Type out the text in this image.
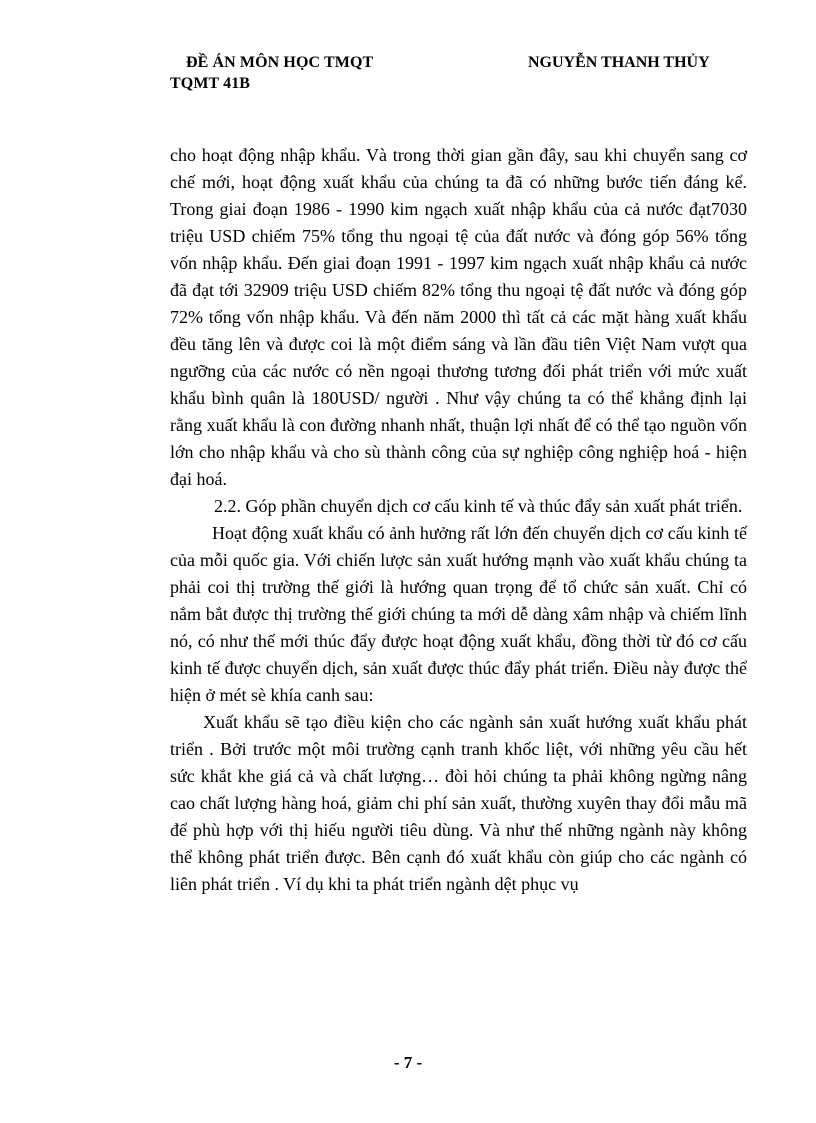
ĐỀ ÁN MÔN HỌC TMQT
TQMT 41B
NGUYỄN THANH THỦY

cho hoạt động nhập khẩu. Và trong thời gian gần đây, sau khi chuyển sang cơ chế mới, hoạt động xuất khẩu của chúng ta đã có những bước tiến đáng kể. Trong giai đoạn 1986 - 1990 kim ngạch xuất nhập khẩu của cả nước đạt7030 triệu USD chiếm 75% tổng thu ngoại tệ của đất nước và đóng góp 56% tổng vốn nhập khẩu. Đến giai đoạn 1991 - 1997 kim ngạch xuất nhập khẩu cả nước đã đạt tới 32909 triệu USD chiếm 82% tổng thu ngoại tệ đất nước và đóng góp 72% tổng vốn nhập khẩu. Và đến năm 2000 thì tất cả các mặt hàng xuất khẩu đều tăng lên và được coi là một điểm sáng và lần đầu tiên Việt Nam vượt qua ngưỡng của các nước có nền ngoại thương tương đối phát triển với mức xuất khẩu bình quân là 180USD/ người . Như vậy chúng ta có thể khẳng định lại rằng xuất khẩu là con đường nhanh nhất, thuận lợi nhất để có thể tạo nguồn vốn lớn cho nhập khẩu và cho sù thành công của sự nghiệp công nghiệp hoá - hiện đại hoá.

2.2. Góp phần chuyển dịch cơ cấu kinh tế và thúc đẩy sản xuất phát triển.

Hoạt động xuất khẩu có ảnh hưởng rất lớn đến chuyển dịch cơ cấu kinh tế của mỗi quốc gia. Với chiến lược sản xuất hướng mạnh vào xuất khẩu chúng ta phải coi thị trường thế giới là hướng quan trọng để tổ chức sản xuất. Chỉ có nắm bắt được thị trường thế giới chúng ta mới dễ dàng xâm nhập và chiếm lĩnh nó, có như thế mới thúc đẩy được hoạt động xuất khẩu, đồng thời từ đó cơ cấu kinh tế được chuyển dịch, sản xuất được thúc đẩy phát triển. Điều này được thể hiện ở mét sè khía canh sau:

Xuất khẩu sẽ tạo điều kiện cho các ngành sản xuất hướng xuất khẩu phát triển . Bởi trước một môi trường cạnh tranh khốc liệt, với những yêu cầu hết sức khắt khe giá cả và chất lượng… đòi hỏi chúng ta phải không ngừng nâng cao chất lượng hàng hoá, giảm chi phí sản xuất, thường xuyên thay đổi mẫu mã để phù hợp với thị hiếu người tiêu dùng. Và như thế những ngành này không thể không phát triển được. Bên cạnh đó xuất khẩu còn giúp cho các ngành có liên phát triển . Ví dụ khi ta phát triển ngành dệt phục vụ

- 7 -
